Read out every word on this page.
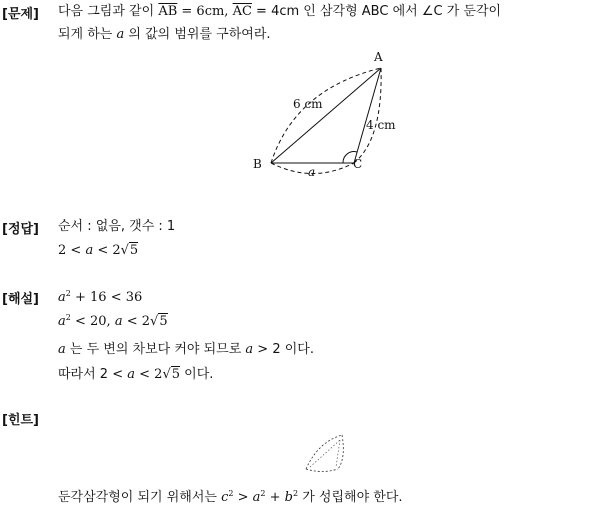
[문제] 다음 그림과 같이 $\overline{AB} = 6cm$, $\overline{AC} = 4cm$ 인 삼각형 ABC 에서 ∠C 가 둔각이
되게 하는 a 의 값의 범위를 구하여라.
A
B	C
6 cm
4 cm
a
[정답] 순서 : 없음, 갯수 : 1
2 < a < 2√5
[해설] $a^2 + 16 < 36$
$a^2 < 20$, a < 2√5
a 는 두 변의 차보다 커야 되므로 a > 2 이다.
따라서 2 < a < 2√5 이다.
[힌트]
둔각삼각형이 되기 위해서는 $c^2 > a^2 + b^2$ 가 성립해야 한다.
